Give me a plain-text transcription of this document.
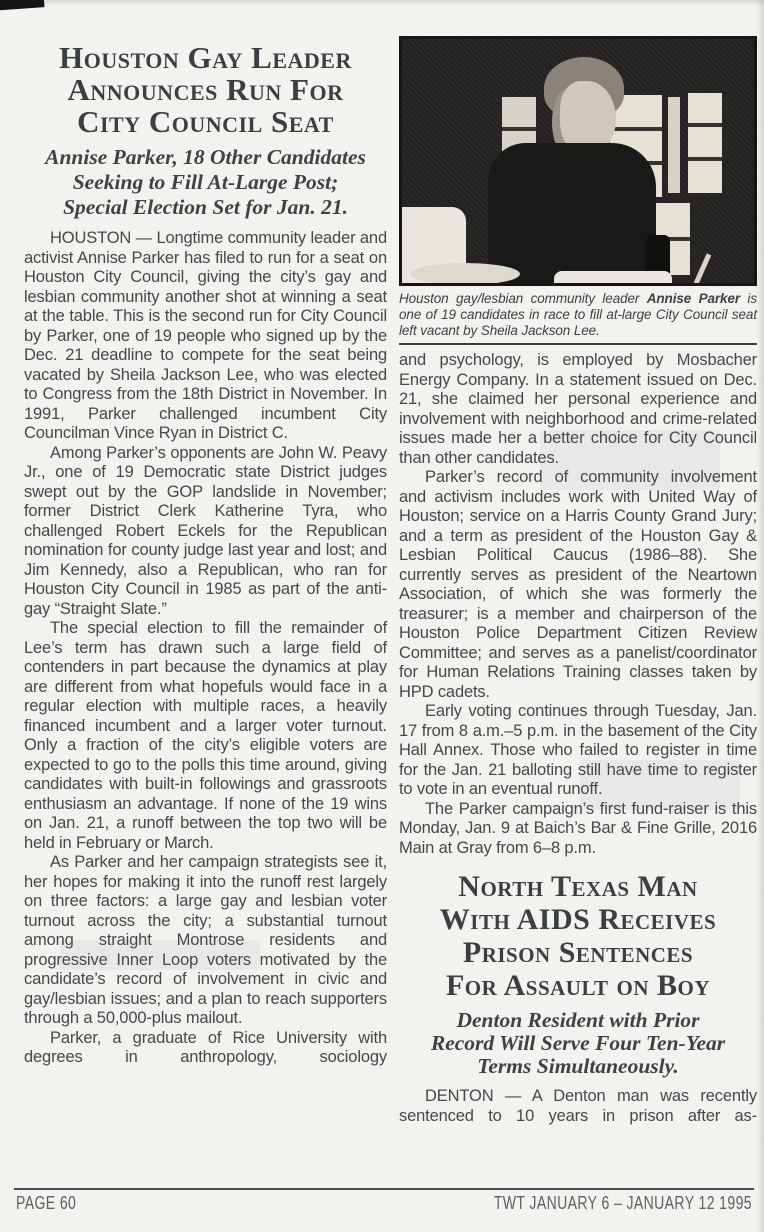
Houston Gay Leader
Announces Run For
City Council Seat
Annise Parker, 18 Other Candidates
Seeking to Fill At-Large Post;
Special Election Set for Jan. 21.

HOUSTON — Longtime community leader and activist Annise Parker has filed to run for a seat on Houston City Council, giving the city’s gay and lesbian community another shot at winning a seat at the table. This is the second run for City Council by Parker, one of 19 people who signed up by the Dec. 21 deadline to compete for the seat being vacated by Sheila Jackson Lee, who was elected to Congress from the 18th District in November. In 1991, Parker challenged incumbent City Councilman Vince Ryan in District C.

Among Parker’s opponents are John W. Peavy Jr., one of 19 Democratic state District judges swept out by the GOP landslide in November; former District Clerk Katherine Tyra, who challenged Robert Eckels for the Republican nomination for county judge last year and lost; and Jim Kennedy, also a Republican, who ran for Houston City Council in 1985 as part of the anti-gay “Straight Slate.”

The special election to fill the remainder of Lee’s term has drawn such a large field of contenders in part because the dynamics at play are different from what hopefuls would face in a regular election with multiple races, a heavily financed incumbent and a larger voter turnout. Only a fraction of the city’s eligible voters are expected to go to the polls this time around, giving candidates with built-in followings and grassroots enthusiasm an advantage. If none of the 19 wins on Jan. 21, a runoff between the top two will be held in February or March.

As Parker and her campaign strategists see it, her hopes for making it into the runoff rest largely on three factors: a large gay and lesbian voter turnout across the city; a substantial turnout among straight Montrose residents and progressive Inner Loop voters motivated by the candidate’s record of involvement in civic and gay/lesbian issues; and a plan to reach supporters through a 50,000-plus mailout.

Parker, a graduate of Rice University with degrees in anthropology, sociology

Houston gay/lesbian community leader Annise Parker is one of 19 candidates in race to fill at-large City Council seat left vacant by Sheila Jackson Lee.

and psychology, is employed by Mosbacher Energy Company. In a statement issued on Dec. 21, she claimed her personal experience and involvement with neighborhood and crime-related issues made her a better choice for City Council than other candidates.

Parker’s record of community involvement and activism includes work with United Way of Houston; service on a Harris County Grand Jury; and a term as president of the Houston Gay & Lesbian Political Caucus (1986–88). She currently serves as president of the Neartown Association, of which she was formerly the treasurer; is a member and chairperson of the Houston Police Department Citizen Review Committee; and serves as a panelist/coordinator for Human Relations Training classes taken by HPD cadets.

Early voting continues through Tuesday, Jan. 17 from 8 a.m.–5 p.m. in the basement of the City Hall Annex. Those who failed to register in time for the Jan. 21 balloting still have time to register to vote in an eventual runoff.

The Parker campaign’s first fund-raiser is this Monday, Jan. 9 at Baich’s Bar & Fine Grille, 2016 Main at Gray from 6–8 p.m.

North Texas Man
With AIDS Receives
Prison Sentences
For Assault on Boy
Denton Resident with Prior
Record Will Serve Four Ten-Year
Terms Simultaneously.

DENTON — A Denton man was recently sentenced to 10 years in prison after as-

PAGE 60	TWT JANUARY 6 – JANUARY 12 1995
